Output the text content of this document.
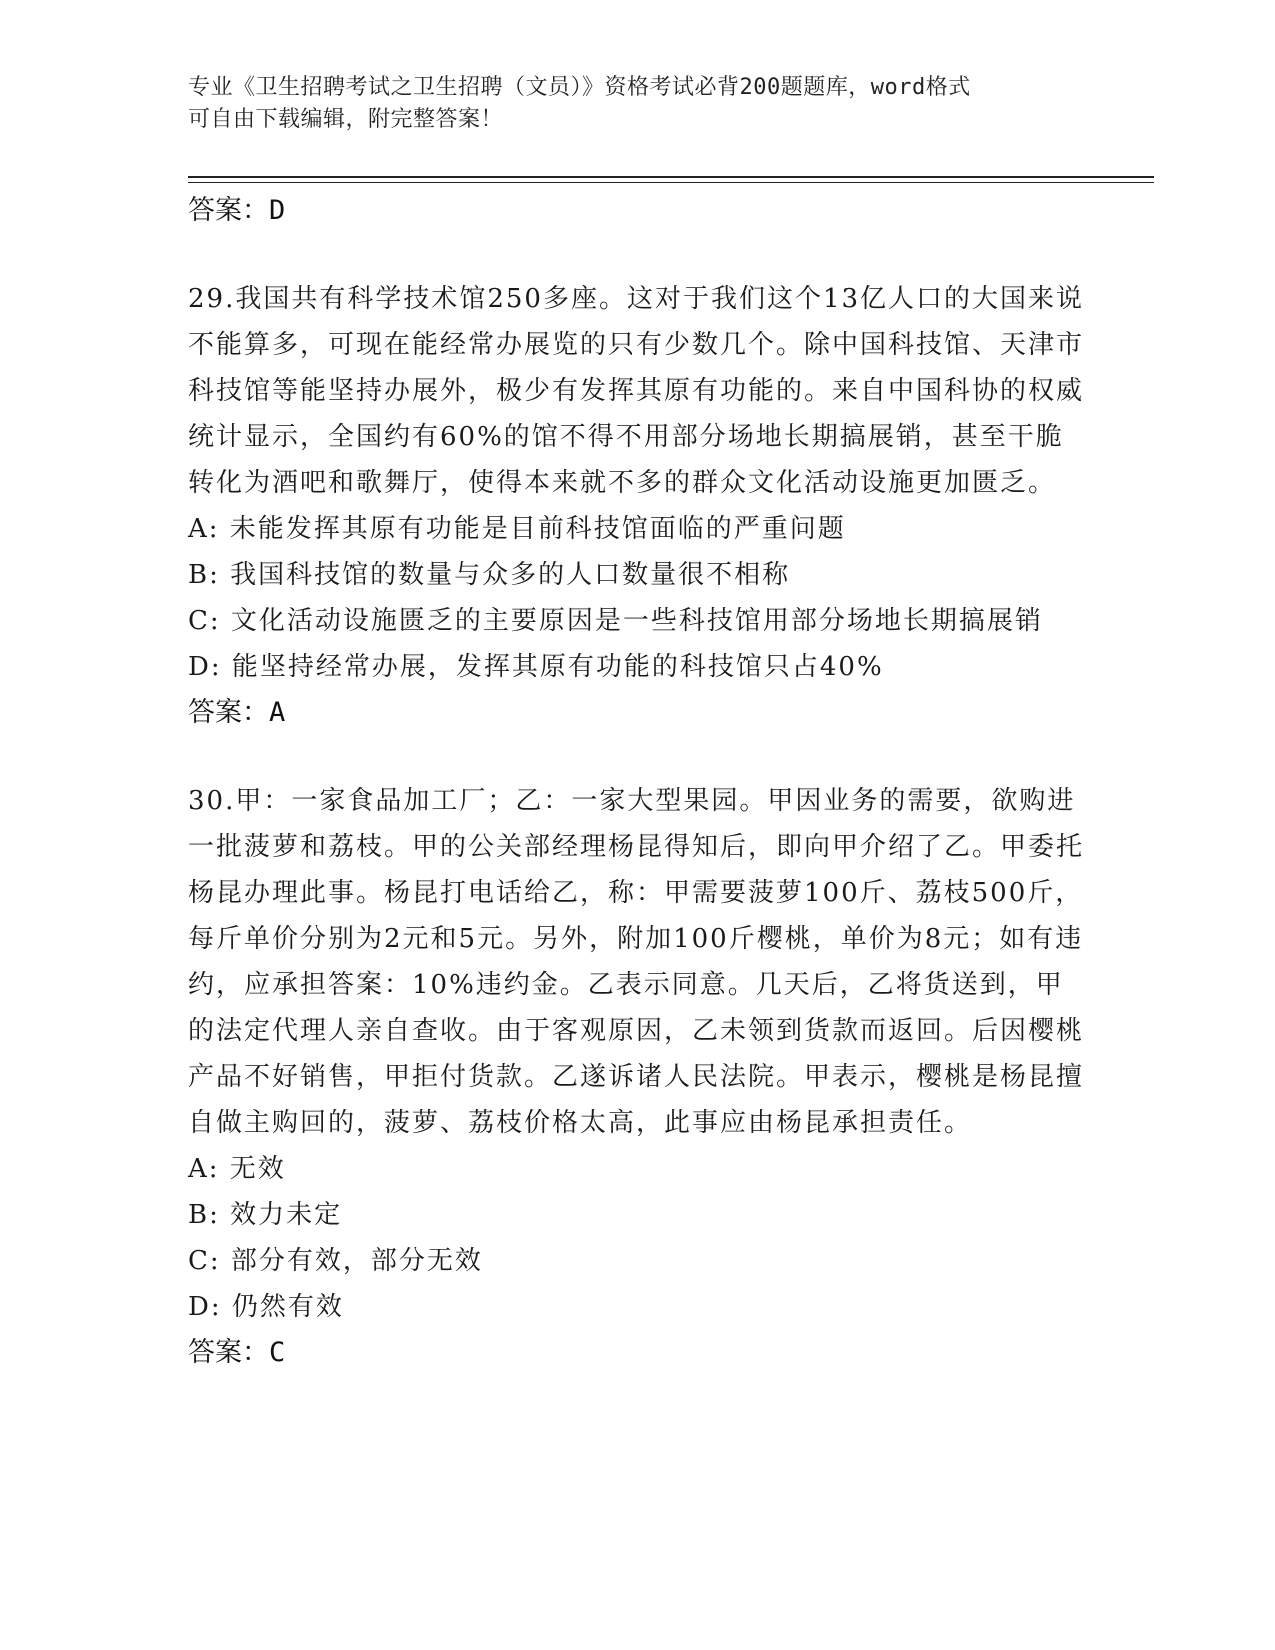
专业《卫生招聘考试之卫生招聘（文员）》资格考试必背200题题库，word格式
可自由下载编辑，附完整答案！
答案：D
29.我国共有科学技术馆250多座。这对于我们这个13亿人口的大国来说不能算多，可现在能经常办展览的只有少数几个。除中国科技馆、天津市科技馆等能坚持办展外，极少有发挥其原有功能的。来自中国科协的权威统计显示，全国约有60%的馆不得不用部分场地长期搞展销，甚至干脆转化为酒吧和歌舞厅，使得本来就不多的群众文化活动设施更加匮乏。
A: 未能发挥其原有功能是目前科技馆面临的严重问题
B: 我国科技馆的数量与众多的人口数量很不相称
C: 文化活动设施匮乏的主要原因是一些科技馆用部分场地长期搞展销
D: 能坚持经常办展，发挥其原有功能的科技馆只占40%
答案：A
30.甲：一家食品加工厂；乙：一家大型果园。甲因业务的需要，欲购进一批菠萝和荔枝。甲的公关部经理杨昆得知后，即向甲介绍了乙。甲委托杨昆办理此事。杨昆打电话给乙，称：甲需要菠萝100斤、荔枝500斤，每斤单价分别为2元和5元。另外，附加100斤樱桃，单价为8元；如有违约，应承担答案：10%违约金。乙表示同意。几天后，乙将货送到，甲的法定代理人亲自查收。由于客观原因，乙未领到货款而返回。后因樱桃产品不好销售，甲拒付货款。乙遂诉诸人民法院。甲表示，樱桃是杨昆擅自做主购回的，菠萝、荔枝价格太高，此事应由杨昆承担责任。
A: 无效
B: 效力未定
C: 部分有效，部分无效
D: 仍然有效
答案：C
